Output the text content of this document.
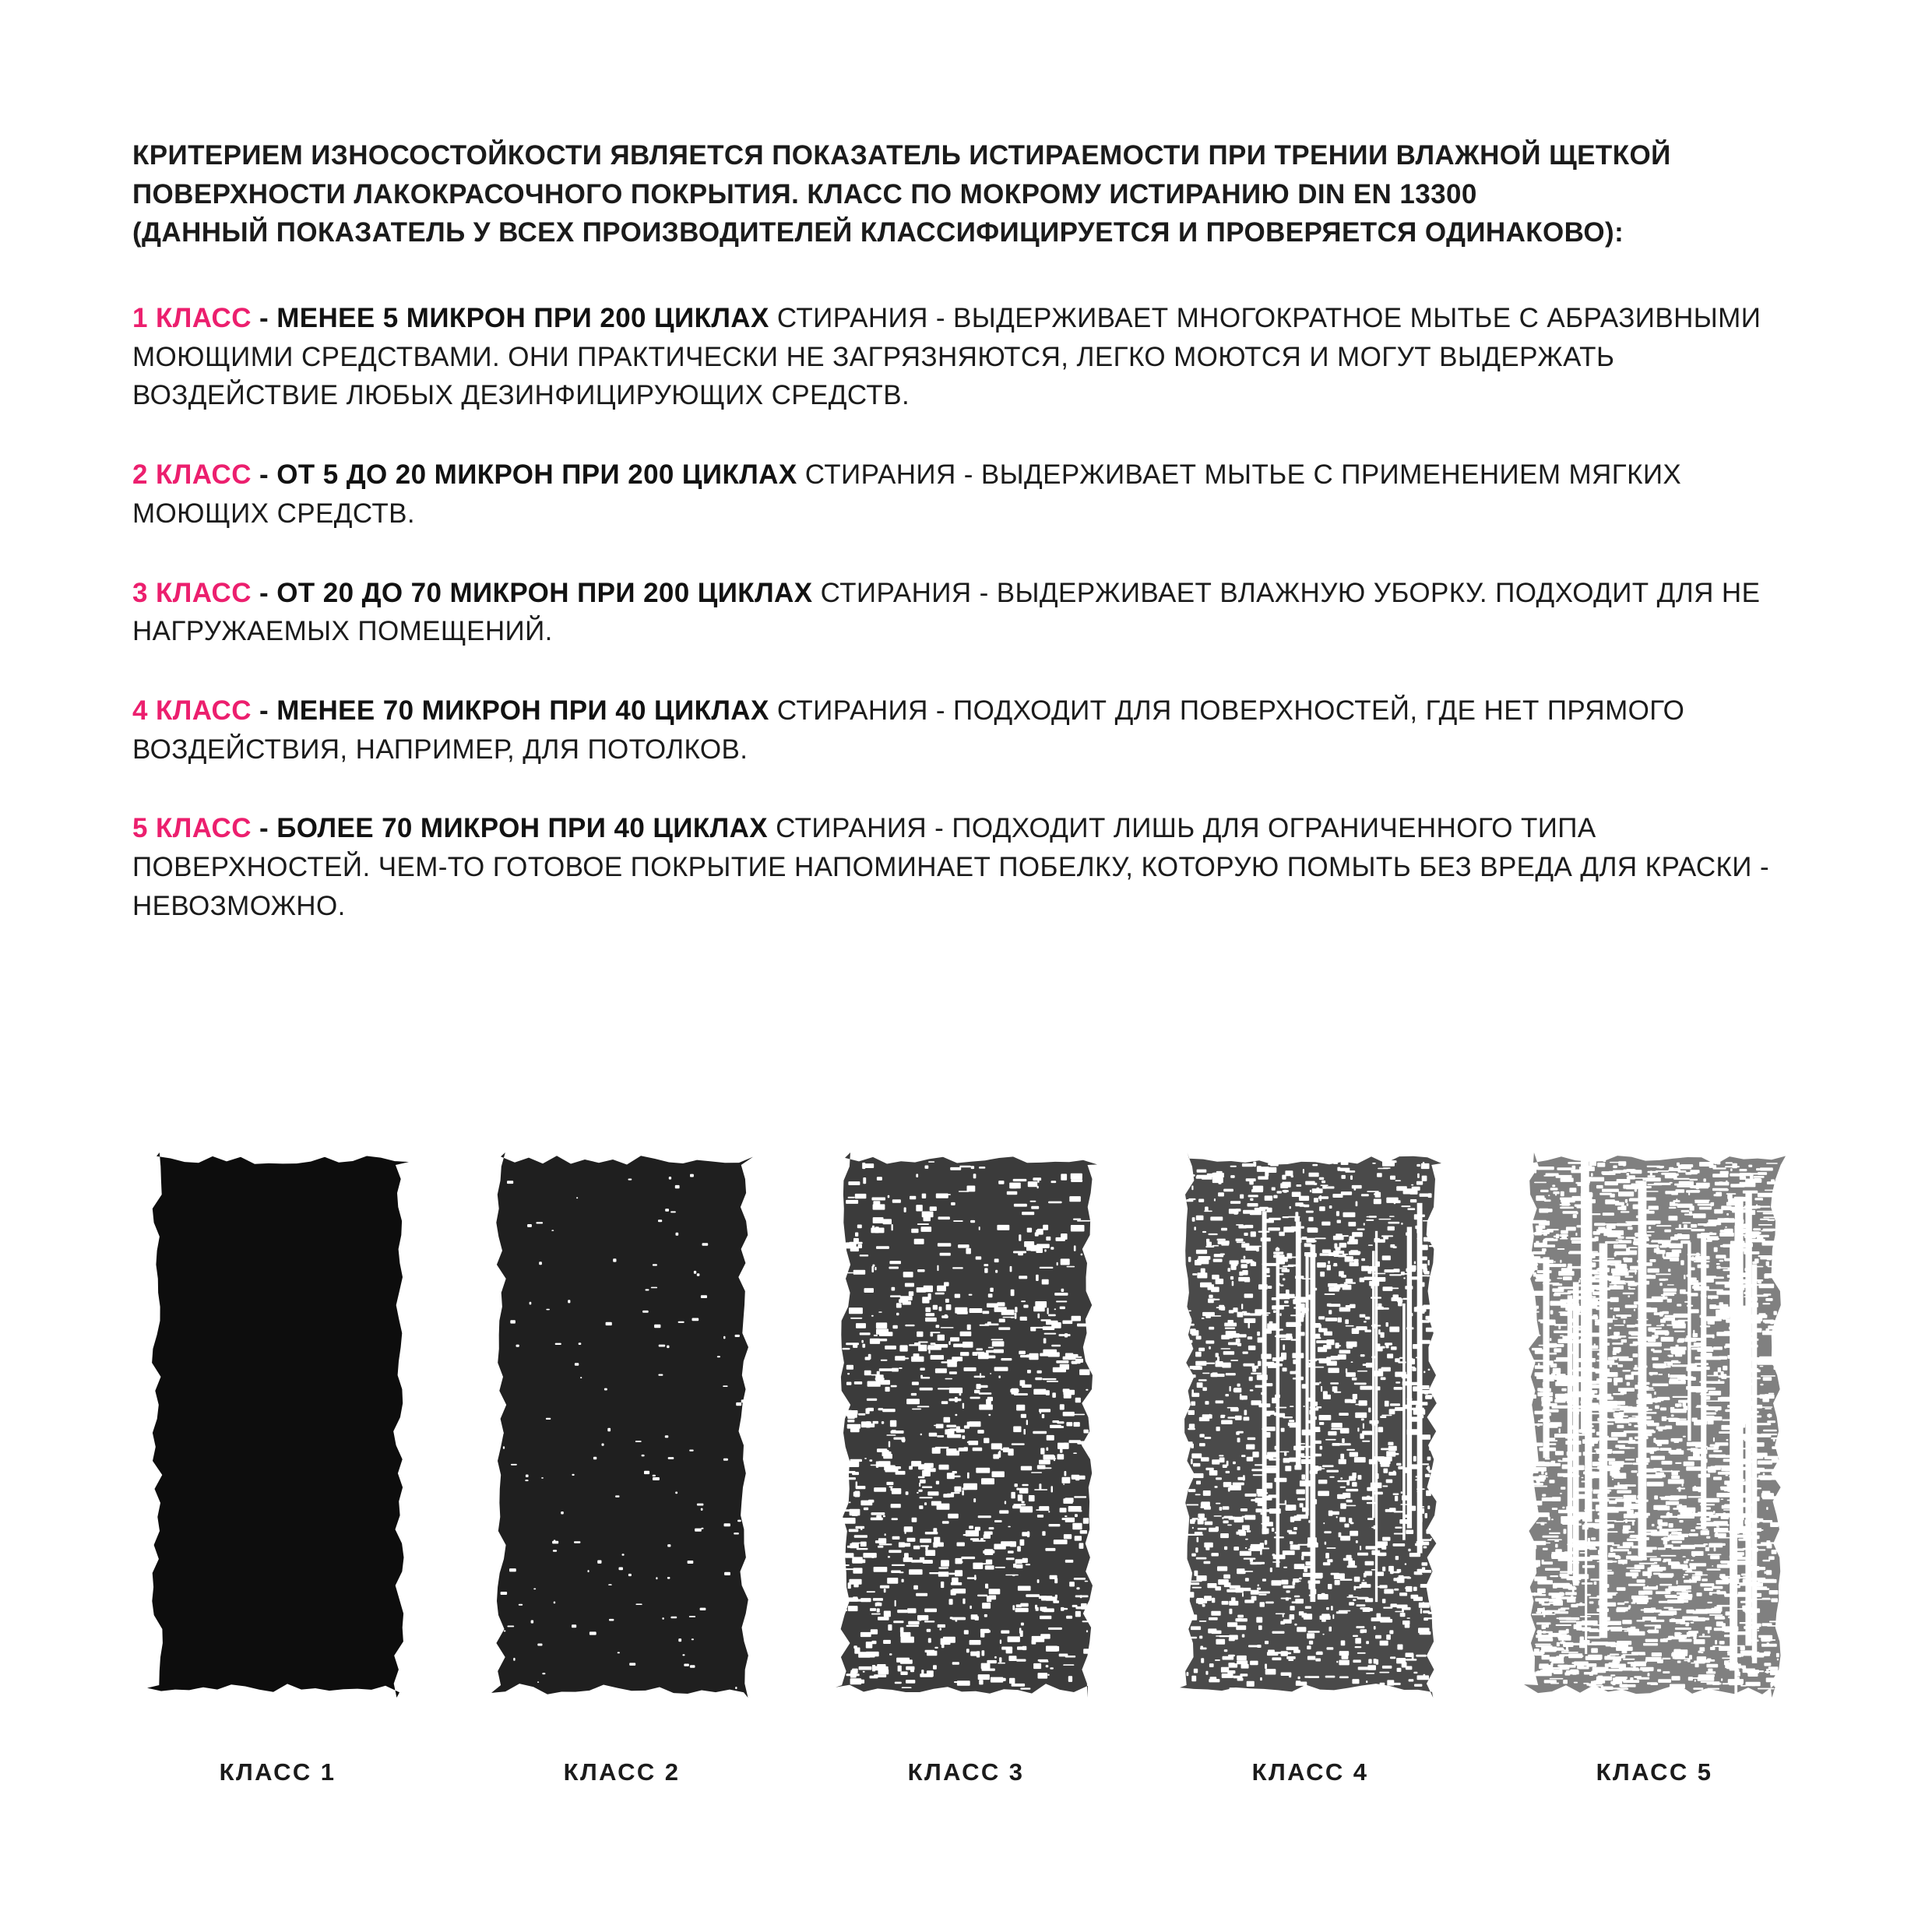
КРИТЕРИЕМ ИЗНОСОСТОЙКОСТИ ЯВЛЯЕТСЯ ПОКАЗАТЕЛЬ ИСТИРАЕМОСТИ ПРИ ТРЕНИИ ВЛАЖНОЙ ЩЕТКОЙ ПОВЕРХНОСТИ ЛАКОКРАСОЧНОГО ПОКРЫТИЯ. КЛАСС ПО МОКРОМУ ИСТИРАНИЮ DIN EN 13300

(ДАННЫЙ ПОКАЗАТЕЛЬ У ВСЕХ ПРОИЗВОДИТЕЛЕЙ КЛАССИФИЦИРУЕТСЯ И ПРОВЕРЯЕТСЯ ОДИНАКОВО):

1 КЛАСС - МЕНЕЕ 5 МИКРОН ПРИ 200 ЦИКЛАХ СТИРАНИЯ - ВЫДЕРЖИВАЕТ МНОГОКРАТНОЕ МЫТЬЕ С АБРАЗИВНЫМИ МОЮЩИМИ СРЕДСТВАМИ. ОНИ ПРАКТИЧЕСКИ НЕ ЗАГРЯЗНЯЮТСЯ, ЛЕГКО МОЮТСЯ И МОГУТ ВЫДЕРЖАТЬ ВОЗДЕЙСТВИЕ ЛЮБЫХ ДЕЗИНФИЦИРУЮЩИХ СРЕДСТВ.

2 КЛАСС - ОТ 5 ДО 20 МИКРОН ПРИ 200 ЦИКЛАХ СТИРАНИЯ - ВЫДЕРЖИВАЕТ МЫТЬЕ С ПРИМЕНЕНИЕМ МЯГКИХ МОЮЩИХ СРЕДСТВ.

3 КЛАСС - ОТ 20 ДО 70 МИКРОН ПРИ 200 ЦИКЛАХ СТИРАНИЯ - ВЫДЕРЖИВАЕТ ВЛАЖНУЮ УБОРКУ. ПОДХОДИТ ДЛЯ НЕ НАГРУЖАЕМЫХ ПОМЕЩЕНИЙ.

4 КЛАСС - МЕНЕЕ 70 МИКРОН ПРИ 40 ЦИКЛАХ СТИРАНИЯ - ПОДХОДИТ ДЛЯ ПОВЕРХНОСТЕЙ, ГДЕ НЕТ ПРЯМОГО ВОЗДЕЙСТВИЯ, НАПРИМЕР, ДЛЯ ПОТОЛКОВ.

5 КЛАСС - БОЛЕЕ 70 МИКРОН ПРИ 40 ЦИКЛАХ СТИРАНИЯ - ПОДХОДИТ ЛИШЬ ДЛЯ ОГРАНИЧЕННОГО ТИПА ПОВЕРХНОСТЕЙ. ЧЕМ-ТО ГОТОВОЕ ПОКРЫТИЕ НАПОМИНАЕТ ПОБЕЛКУ, КОТОРУЮ ПОМЫТЬ БЕЗ ВРЕДА ДЛЯ КРАСКИ - НЕВОЗМОЖНО.

КЛАСС 1	КЛАСС 2	КЛАСС 3	КЛАСС 4	КЛАСС 5
